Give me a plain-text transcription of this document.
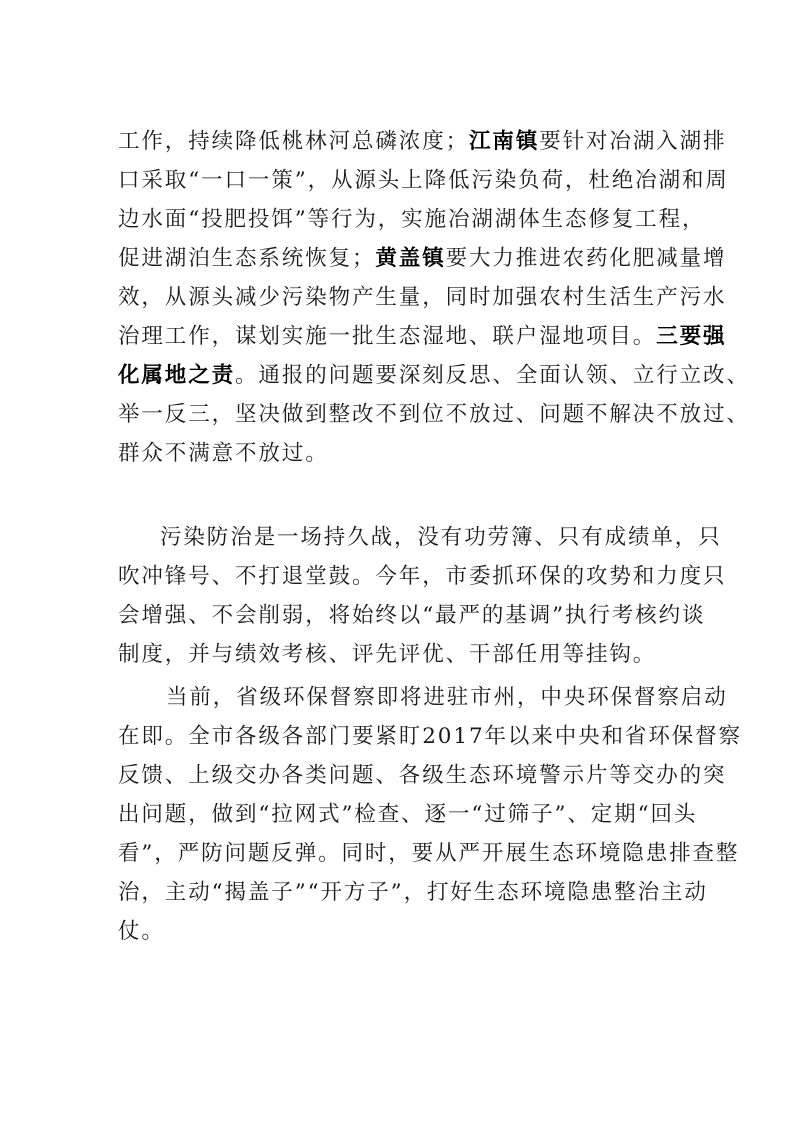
工作，持续降低桃林河总磷浓度；江南镇要针对冶湖入湖排
口采取“一口一策”，从源头上降低污染负荷，杜绝冶湖和周
边水面“投肥投饵”等行为，实施冶湖湖体生态修复工程，
促进湖泊生态系统恢复；黄盖镇要大力推进农药化肥减量增
效，从源头减少污染物产生量，同时加强农村生活生产污水
治理工作，谋划实施一批生态湿地、联户湿地项目。三要强
化属地之责。通报的问题要深刻反思、全面认领、立行立改、
举一反三，坚决做到整改不到位不放过、问题不解决不放过、
群众不满意不放过。
污染防治是一场持久战，没有功劳簿、只有成绩单，只
吹冲锋号、不打退堂鼓。今年，市委抓环保的攻势和力度只
会增强、不会削弱，将始终以“最严的基调”执行考核约谈
制度，并与绩效考核、评先评优、干部任用等挂钩。
当前，省级环保督察即将进驻市州，中央环保督察启动
在即。全市各级各部门要紧盯2017年以来中央和省环保督察
反馈、上级交办各类问题、各级生态环境警示片等交办的突
出问题，做到“拉网式”检查、逐一“过筛子”、定期“回头
看”，严防问题反弹。同时，要从严开展生态环境隐患排查整
治，主动“揭盖子”“开方子”，打好生态环境隐患整治主动
仗。
